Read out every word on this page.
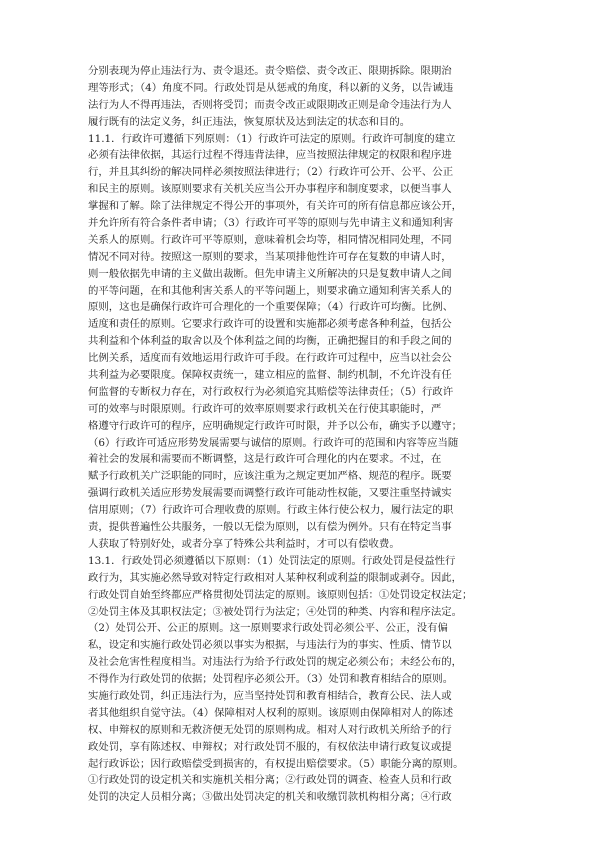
分别表现为停止违法行为、责令退还。责令赔偿、责令改正、限期拆除。限期治
理等形式；（4）角度不同。行政处罚是从惩戒的角度，科以新的义务，以告诫违
法行为人不得再违法，否则将受罚；而责令改正或限期改正则是命令违法行为人
履行既有的法定义务，纠正违法，恢复原状及达到法定的状态和目的。
11.1．行政许可遵循下列原则：（1）行政许可法定的原则。行政许可制度的建立
必须有法律依据，其运行过程不得违背法律，应当按照法律规定的权限和程序进
行，并且其纠纷的解决同样必须按照法律进行；（2）行政许可公开、公平、公正
和民主的原则。该原则要求有关机关应当公开办事程序和制度要求，以便当事人
掌握和了解。除了法律规定不得公开的事项外，有关许可的所有信息都应该公开，
并允许所有符合条件者申请；（3）行政许可平等的原则与先申请主义和通知利害
关系人的原则。行政许可平等原则，意味着机会均等，相同情况相同处理，不同
情况不同对待。按照这一原则的要求，当某项排他性许可存在复数的申请人时，
则一般依据先申请的主义做出裁断。但先申请主义所解决的只是复数申请人之间
的平等问题，在和其他利害关系人的平等问题上，则要求确立通知利害关系人的
原则，这也是确保行政许可合理化的一个重要保障；（4）行政许可均衡。比例、
适度和责任的原则。它要求行政许可的设置和实施都必须考虑各种利益，包括公
共利益和个体利益的取舍以及个体利益之间的均衡，正确把握目的和手段之间的
比例关系，适度而有效地运用行政许可手段。在行政许可过程中，应当以社会公
共利益为必要限度。保障权责统一，建立相应的监督、制约机制，不允许没有任
何监督的专断权力存在，对行政权行为必须追究其赔偿等法律责任；（5）行政许
可的效率与时限原则。行政许可的效率原则要求行政机关在行使其职能时，严
格遵守行政许可的程序，应明确规定行政许可时限，并予以公布，确实予以遵守；
（6）行政许可适应形势发展需要与诚信的原则。行政许可的范围和内容等应当随
着社会的发展和需要而不断调整，这是行政许可合理化的内在要求。不过，在
赋予行政机关广泛职能的同时，应该注重为之规定更加严格、规范的程序。既要
强调行政机关适应形势发展需要而调整行政许可能动性权能，又要注重坚持诚实
信用原则；（7）行政许可合理收费的原则。行政主体行使公权力，履行法定的职
责，提供普遍性公共服务，一般以无偿为原则，以有偿为例外。只有在特定当事
人获取了特别好处，或者分享了特殊公共利益时，才可以有偿收费。
13.1．行政处罚必须遵循以下原则：（1）处罚法定的原则。行政处罚是侵益性行
政行为，其实施必然导致对特定行政相对人某种权利或利益的限制或剥夺。因此，
行政处罚自始至终都应严格贯彻处罚法定的原则。该原则包括：①处罚设定权法定；
②处罚主体及其职权法定；③被处罚行为法定；④处罚的种类、内容和程序法定。
（2）处罚公开、公正的原则。这一原则要求行政处罚必须公平、公正，没有偏
私，设定和实施行政处罚必须以事实为根据，与违法行为的事实、性质、情节以
及社会危害性程度相当。对违法行为给予行政处罚的规定必须公布；未经公布的，
不得作为行政处罚的依据；处罚程序必须公开。（3）处罚和教育相结合的原则。
实施行政处罚，纠正违法行为，应当坚持处罚和教育相结合，教育公民、法人或
者其他组织自觉守法。（4）保障相对人权利的原则。该原则由保障相对人的陈述
权、申辩权的原则和无救济便无处罚的原则构成。相对人对行政机关所给予的行
政处罚，享有陈述权、申辩权；对行政处罚不服的，有权依法申请行政复议或提
起行政诉讼；因行政赔偿受到损害的，有权提出赔偿要求。（5）职能分离的原则。
①行政处罚的设定机关和实施机关相分离；②行政处罚的调查、检查人员和行政
处罚的决定人员相分离；③做出处罚决定的机关和收缴罚款机构相分离；④行政
